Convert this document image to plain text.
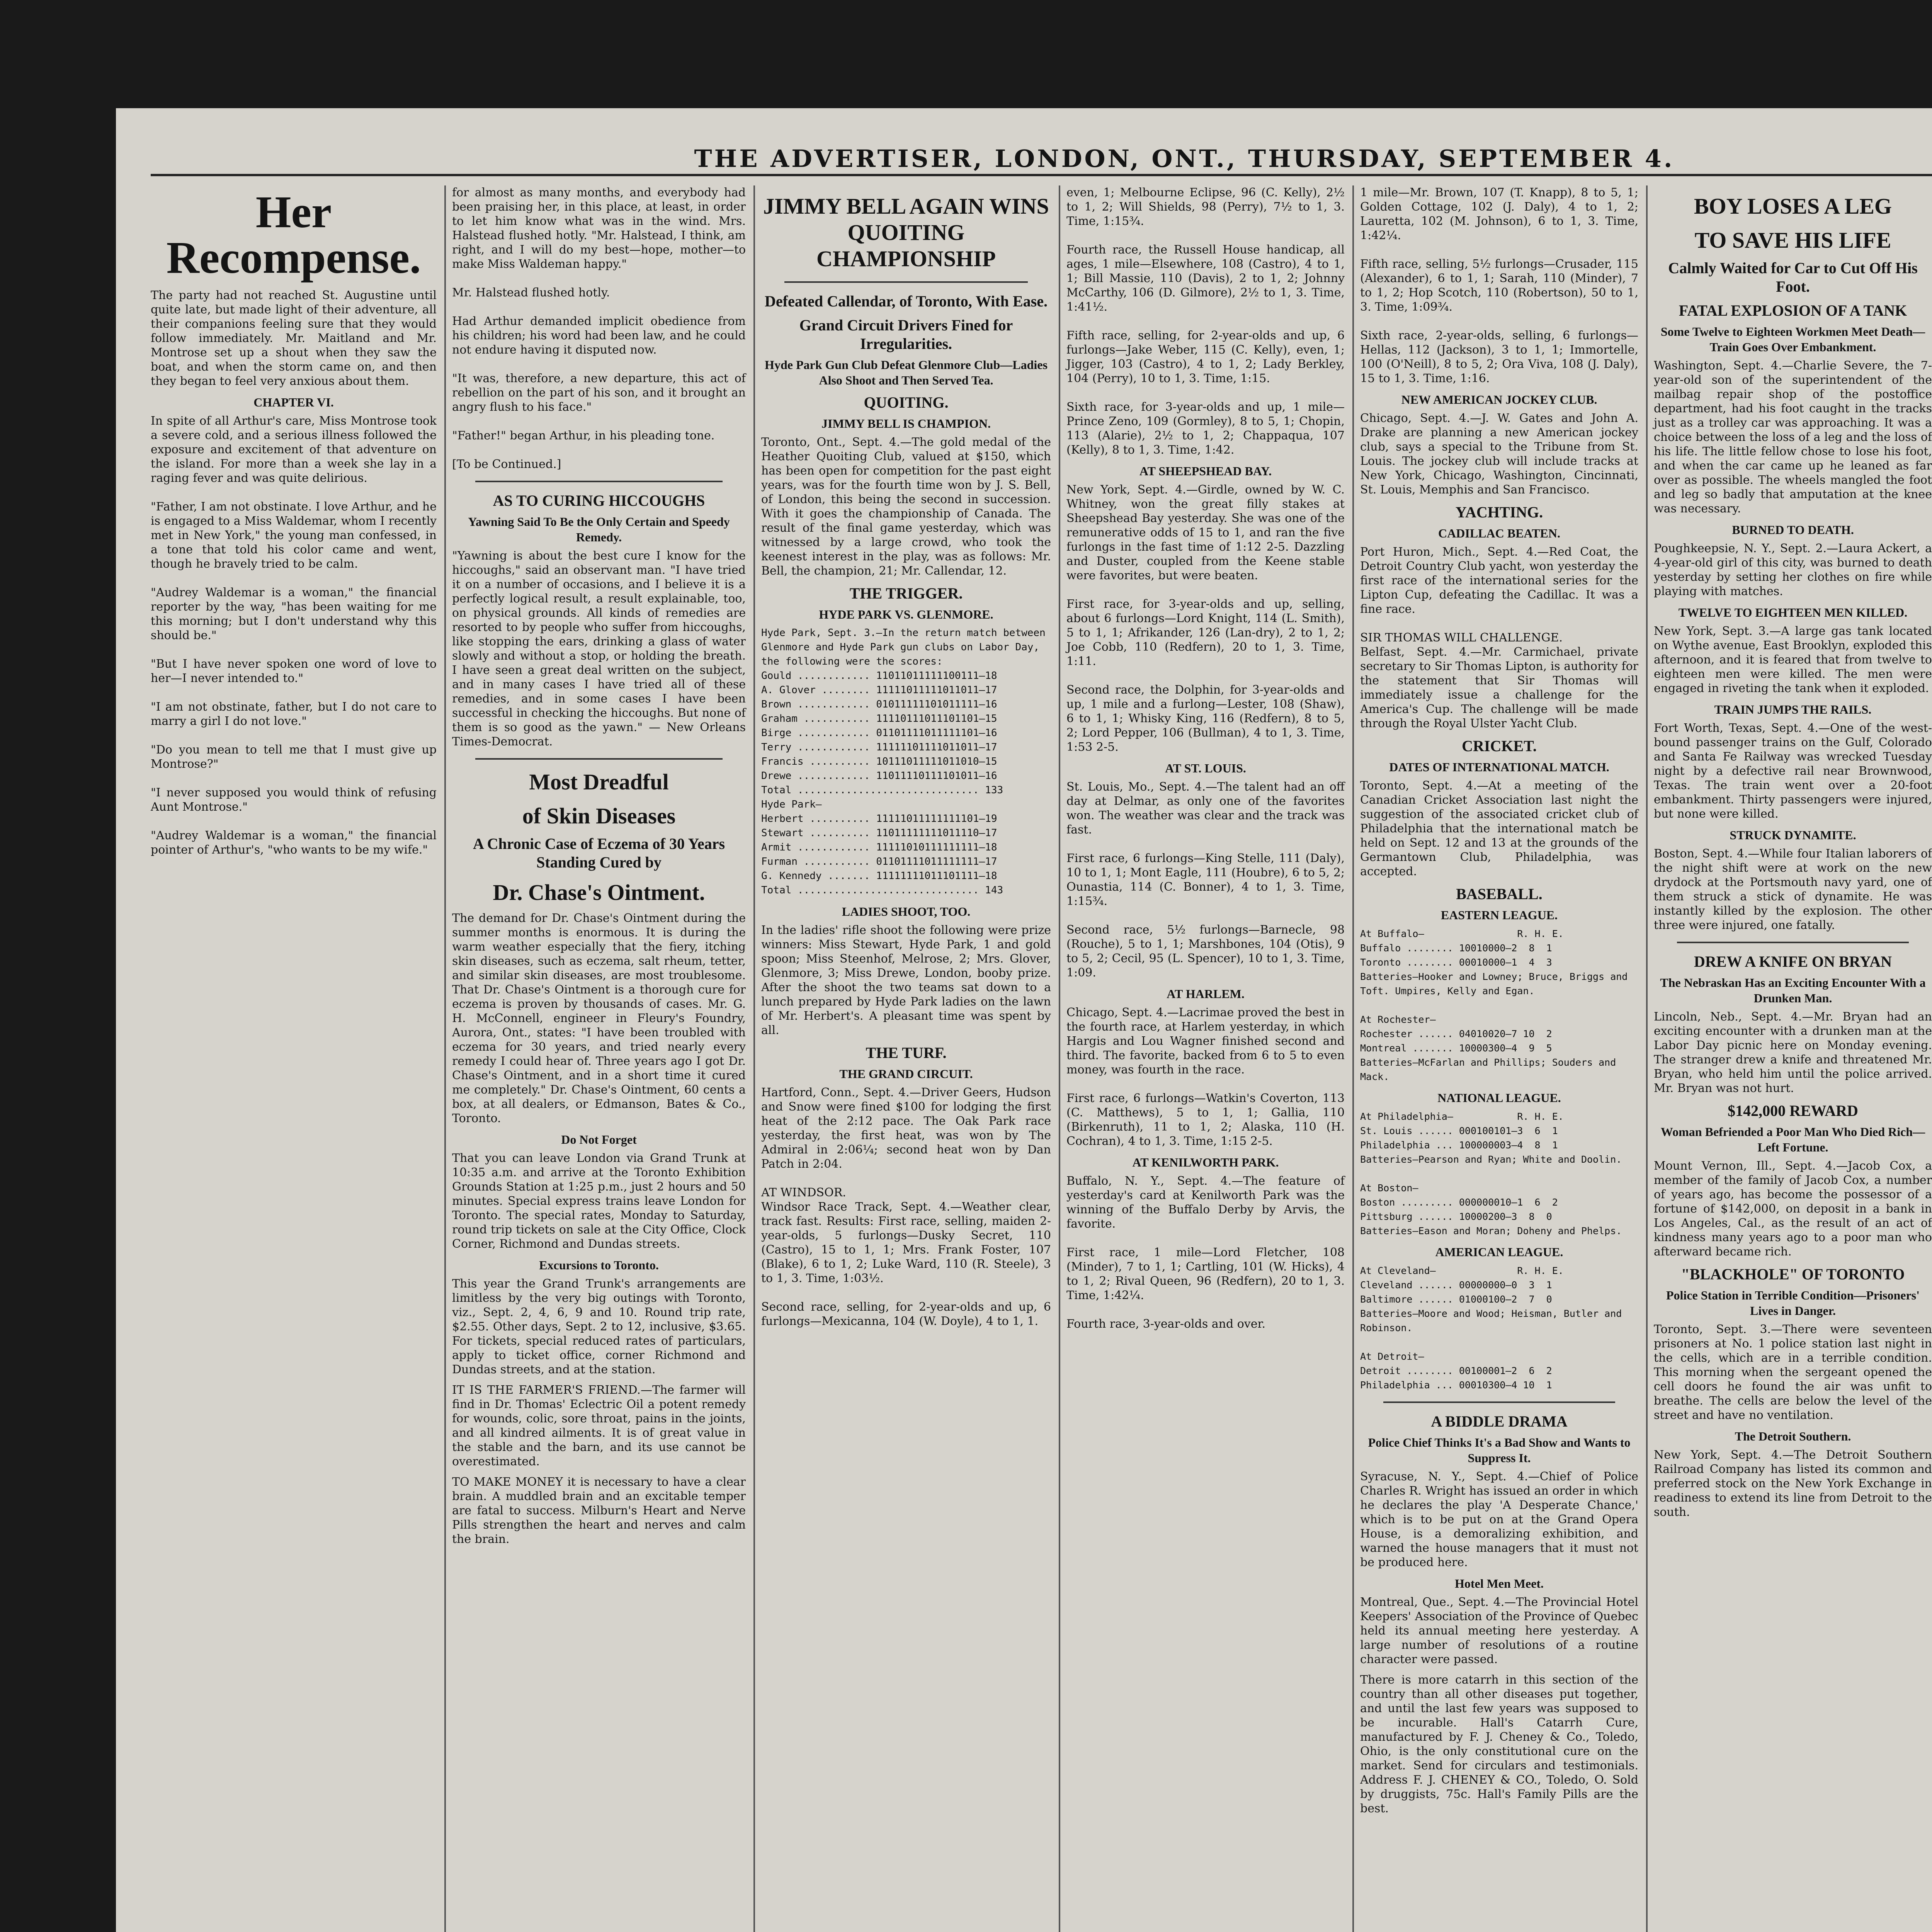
THE ADVERTISER, LONDON, ONT., THURSDAY, SEPTEMBER 4.
Her Recompense.

The party had not reached St. Augustine until quite late, but made light of their adventure, all their companions feeling sure that they would follow immediately. Mr. Maitland and Mr. Montrose set up a shout when they saw the boat, and when the storm came on, and then they began to feel very anxious about them.

CHAPTER VI.

In spite of all Arthur's care, Miss Montrose took a severe cold, and a serious illness followed the exposure and excitement of that adventure on the island. For more than a week she lay in a raging fever and was quite delirious.

"Father, I am not obstinate. I love Arthur, and he is engaged to a Miss Waldemar, whom I recently met in New York," the young man confessed, in a tone that told his color came and went, though he bravely tried to be calm.

"Audrey Waldemar is a woman," the financial reporter by the way, "has been waiting for me this morning; but I don't understand why this should be."

"But I have never spoken one word of love to her—I never intended to."

"I am not obstinate, father, but I do not care to marry a girl I do not love."

"Do you mean to tell me that I must give up Montrose?"

"I never supposed you would think of refusing Aunt Montrose."

"Audrey Waldemar is a woman," the financial pointer of Arthur's, "who wants to be my wife."

for almost as many months, and everybody had been praising her, in this place, at least, in order to let him know what was in the wind. Mrs. Halstead flushed hotly. "Mr. Halstead, I think, am right, and I will do my best—hope, mother—to make Miss Waldeman happy."

Mr. Halstead flushed hotly.

Had Arthur demanded implicit obedience from his children; his word had been law, and he could not endure having it disputed now.

"It was, therefore, a new departure, this act of rebellion on the part of his son, and it brought an angry flush to his face."

"Father!" began Arthur, in his pleading tone.

[To be Continued.]

AS TO CURING HICCOUGHS
Yawning Said To Be the Only Certain and Speedy Remedy.

"Yawning is about the best cure I know for the hiccoughs," said an observant man. "I have tried it on a number of occasions, and I believe it is a perfectly logical result, a result explainable, too, on physical grounds. All kinds of remedies are resorted to by people who suffer from hiccoughs, like stopping the ears, drinking a glass of water slowly and without a stop, or holding the breath. I have seen a great deal written on the subject, and in many cases I have tried all of these remedies, and in some cases I have been successful in checking the hiccoughs. But none of them is so good as the yawn." — New Orleans Times-Democrat.

Most Dreadful
of Skin Diseases
A Chronic Case of Eczema of 30 Years Standing Cured by
Dr. Chase's Ointment.

The demand for Dr. Chase's Ointment during the summer months is enormous. It is during the warm weather especially that the fiery, itching skin diseases, such as eczema, salt rheum, tetter, and similar skin diseases, are most troublesome. That Dr. Chase's Ointment is a thorough cure for eczema is proven by thousands of cases. Mr. G. H. McConnell, engineer in Fleury's Foundry, Aurora, Ont., states: "I have been troubled with eczema for 30 years, and tried nearly every remedy I could hear of. Three years ago I got Dr. Chase's Ointment, and in a short time it cured me completely." Dr. Chase's Ointment, 60 cents a box, at all dealers, or Edmanson, Bates & Co., Toronto.

Do Not Forget

That you can leave London via Grand Trunk at 10:35 a.m. and arrive at the Toronto Exhibition Grounds Station at 1:25 p.m., just 2 hours and 50 minutes. Special express trains leave London for Toronto. The special rates, Monday to Saturday, round trip tickets on sale at the City Office, Clock Corner, Richmond and Dundas streets.

Excursions to Toronto.

This year the Grand Trunk's arrangements are limitless by the very big outings with Toronto, viz., Sept. 2, 4, 6, 9 and 10. Round trip rate, $2.55. Other days, Sept. 2 to 12, inclusive, $3.65. For tickets, special reduced rates of particulars, apply to ticket office, corner Richmond and Dundas streets, and at the station.

IT IS THE FARMER'S FRIEND.—The farmer will find in Dr. Thomas' Eclectric Oil a potent remedy for wounds, colic, sore throat, pains in the joints, and all kindred ailments. It is of great value in the stable and the barn, and its use cannot be overestimated.

TO MAKE MONEY it is necessary to have a clear brain. A muddled brain and an excitable temper are fatal to success. Milburn's Heart and Nerve Pills strengthen the heart and nerves and calm the brain.

JIMMY BELL AGAIN WINS QUOITING CHAMPIONSHIP
Defeated Callendar, of Toronto, With Ease.
Grand Circuit Drivers Fined for Irregularities.
Hyde Park Gun Club Defeat Glenmore Club—Ladies Also Shoot and Then Served Tea.
QUOITING.
JIMMY BELL IS CHAMPION.

Toronto, Ont., Sept. 4.—The gold medal of the Heather Quoiting Club, valued at $150, which has been open for competition for the past eight years, was for the fourth time won by J. S. Bell, of London, this being the second in succession. With it goes the championship of Canada. The result of the final game yesterday, which was witnessed by a large crowd, who took the keenest interest in the play, was as follows: Mr. Bell, the champion, 21; Mr. Callendar, 12.

THE TRIGGER.
HYDE PARK VS. GLENMORE.

Hyde Park, Sept. 3.—In the return match between Glenmore and Hyde Park gun clubs on Labor Day, the following were the scores:
Gould ............ 11011011111100111—18
A. Glover ........ 11111011111011011—17
Brown ............ 01011111101011111—16
Graham ........... 11110111011101101—15
Birge ............ 01101111011111101—16
Terry ............ 11111101111011011—17
Francis .......... 10111011111011010—15
Drewe ............ 11011110111101011—16
Total .............................. 133
Hyde Park—
Herbert .......... 11111011111111101—19
Stewart .......... 11011111111011110—17
Armit ............ 11111010111111111—18
Furman ........... 01101111011111111—17
G. Kennedy ....... 11111111011101111—18
Total .............................. 143

LADIES SHOOT, TOO.

In the ladies' rifle shoot the following were prize winners: Miss Stewart, Hyde Park, 1 and gold spoon; Miss Steenhof, Melrose, 2; Mrs. Glover, Glenmore, 3; Miss Drewe, London, booby prize. After the shoot the two teams sat down to a lunch prepared by Hyde Park ladies on the lawn of Mr. Herbert's. A pleasant time was spent by all.

THE TURF.
THE GRAND CIRCUIT.

Hartford, Conn., Sept. 4.—Driver Geers, Hudson and Snow were fined $100 for lodging the first heat of the 2:12 pace. The Oak Park race yesterday, the first heat, was won by The Admiral in 2:06¼; second heat won by Dan Patch in 2:04.

AT WINDSOR.
Windsor Race Track, Sept. 4.—Weather clear, track fast. Results: First race, selling, maiden 2-year-olds, 5 furlongs—Dusky Secret, 110 (Castro), 15 to 1, 1; Mrs. Frank Foster, 107 (Blake), 6 to 1, 2; Luke Ward, 110 (R. Steele), 3 to 1, 3. Time, 1:03½.

Second race, selling, for 2-year-olds and up, 6 furlongs—Mexicanna, 104 (W. Doyle), 4 to 1, 1.

even, 1; Melbourne Eclipse, 96 (C. Kelly), 2½ to 1, 2; Will Shields, 98 (Perry), 7½ to 1, 3. Time, 1:15¾.

Fourth race, the Russell House handicap, all ages, 1 mile—Elsewhere, 108 (Castro), 4 to 1, 1; Bill Massie, 110 (Davis), 2 to 1, 2; Johnny McCarthy, 106 (D. Gilmore), 2½ to 1, 3. Time, 1:41½.

Fifth race, selling, for 2-year-olds and up, 6 furlongs—Jake Weber, 115 (C. Kelly), even, 1; Jigger, 103 (Castro), 4 to 1, 2; Lady Berkley, 104 (Perry), 10 to 1, 3. Time, 1:15.

Sixth race, for 3-year-olds and up, 1 mile—Prince Zeno, 109 (Gormley), 8 to 5, 1; Chopin, 113 (Alarie), 2½ to 1, 2; Chappaqua, 107 (Kelly), 8 to 1, 3. Time, 1:42.

AT SHEEPSHEAD BAY.

New York, Sept. 4.—Girdle, owned by W. C. Whitney, won the great filly stakes at Sheepshead Bay yesterday. She was one of the remunerative odds of 15 to 1, and ran the five furlongs in the fast time of 1:12 2-5. Dazzling and Duster, coupled from the Keene stable were favorites, but were beaten.

First race, for 3-year-olds and up, selling, about 6 furlongs—Lord Knight, 114 (L. Smith), 5 to 1, 1; Afrikander, 126 (Lan-dry), 2 to 1, 2; Joe Cobb, 110 (Redfern), 20 to 1, 3. Time, 1:11.

Second race, the Dolphin, for 3-year-olds and up, 1 mile and a furlong—Lester, 108 (Shaw), 6 to 1, 1; Whisky King, 116 (Redfern), 8 to 5, 2; Lord Pepper, 106 (Bullman), 4 to 1, 3. Time, 1:53 2-5.

AT ST. LOUIS.

St. Louis, Mo., Sept. 4.—The talent had an off day at Delmar, as only one of the favorites won. The weather was clear and the track was fast.

First race, 6 furlongs—King Stelle, 111 (Daly), 10 to 1, 1; Mont Eagle, 111 (Houbre), 6 to 5, 2; Ounastia, 114 (C. Bonner), 4 to 1, 3. Time, 1:15¾.

Second race, 5½ furlongs—Barnecle, 98 (Rouche), 5 to 1, 1; Marshbones, 104 (Otis), 9 to 5, 2; Cecil, 95 (L. Spencer), 10 to 1, 3. Time, 1:09.

AT HARLEM.

Chicago, Sept. 4.—Lacrimae proved the best in the fourth race, at Harlem yesterday, in which Hargis and Lou Wagner finished second and third. The favorite, backed from 6 to 5 to even money, was fourth in the race.

First race, 6 furlongs—Watkin's Coverton, 113 (C. Matthews), 5 to 1, 1; Gallia, 110 (Birkenruth), 11 to 1, 2; Alaska, 110 (H. Cochran), 4 to 1, 3. Time, 1:15 2-5.

AT KENILWORTH PARK.

Buffalo, N. Y., Sept. 4.—The feature of yesterday's card at Kenilworth Park was the winning of the Buffalo Derby by Arvis, the favorite.

First race, 1 mile—Lord Fletcher, 108 (Minder), 7 to 1, 1; Cartling, 101 (W. Hicks), 4 to 1, 2; Rival Queen, 96 (Redfern), 20 to 1, 3. Time, 1:42¼.

Fourth race, 3-year-olds and over.

1 mile—Mr. Brown, 107 (T. Knapp), 8 to 5, 1; Golden Cottage, 102 (J. Daly), 4 to 1, 2; Lauretta, 102 (M. Johnson), 6 to 1, 3. Time, 1:42¼.

Fifth race, selling, 5½ furlongs—Crusader, 115 (Alexander), 6 to 1, 1; Sarah, 110 (Minder), 7 to 1, 2; Hop Scotch, 110 (Robertson), 50 to 1, 3. Time, 1:09¾.

Sixth race, 2-year-olds, selling, 6 furlongs—Hellas, 112 (Jackson), 3 to 1, 1; Immortelle, 100 (O'Neill), 8 to 5, 2; Ora Viva, 108 (J. Daly), 15 to 1, 3. Time, 1:16.

NEW AMERICAN JOCKEY CLUB.

Chicago, Sept. 4.—J. W. Gates and John A. Drake are planning a new American jockey club, says a special to the Tribune from St. Louis. The jockey club will include tracks at New York, Chicago, Washington, Cincinnati, St. Louis, Memphis and San Francisco.

YACHTING.
CADILLAC BEATEN.

Port Huron, Mich., Sept. 4.—Red Coat, the Detroit Country Club yacht, won yesterday the first race of the international series for the Lipton Cup, defeating the Cadillac. It was a fine race.

SIR THOMAS WILL CHALLENGE.
Belfast, Sept. 4.—Mr. Carmichael, private secretary to Sir Thomas Lipton, is authority for the statement that Sir Thomas will immediately issue a challenge for the America's Cup. The challenge will be made through the Royal Ulster Yacht Club.

CRICKET.
DATES OF INTERNATIONAL MATCH.

Toronto, Sept. 4.—At a meeting of the Canadian Cricket Association last night the suggestion of the associated cricket club of Philadelphia that the international match be held on Sept. 12 and 13 at the grounds of the Germantown Club, Philadelphia, was accepted.

BASEBALL.
EASTERN LEAGUE.

At Buffalo—                R. H. E.
Buffalo ........ 10010000—2  8  1
Toronto ........ 00010000—1  4  3
Batteries—Hooker and Lowney; Bruce, Briggs and Toft. Umpires, Kelly and Egan.

At Rochester—
Rochester ...... 04010020—7 10  2
Montreal ....... 10000300—4  9  5
Batteries—McFarlan and Phillips; Souders and Mack.

NATIONAL LEAGUE.

At Philadelphia—           R. H. E.
St. Louis ...... 000100101—3  6  1
Philadelphia ... 100000003—4  8  1
Batteries—Pearson and Ryan; White and Doolin.

At Boston—
Boston ......... 000000010—1  6  2
Pittsburg ...... 10000200—3  8  0
Batteries—Eason and Moran; Doheny and Phelps.

AMERICAN LEAGUE.

At Cleveland—              R. H. E.
Cleveland ...... 00000000—0  3  1
Baltimore ...... 01000100—2  7  0
Batteries—Moore and Wood; Heisman, Butler and Robinson.

At Detroit—
Detroit ........ 00100001—2  6  2
Philadelphia ... 00010300—4 10  1

A BIDDLE DRAMA
Police Chief Thinks It's a Bad Show and Wants to Suppress It.

Syracuse, N. Y., Sept. 4.—Chief of Police Charles R. Wright has issued an order in which he declares the play 'A Desperate Chance,' which is to be put on at the Grand Opera House, is a demoralizing exhibition, and warned the house managers that it must not be produced here.

Hotel Men Meet.

Montreal, Que., Sept. 4.—The Provincial Hotel Keepers' Association of the Province of Quebec held its annual meeting here yesterday. A large number of resolutions of a routine character were passed.

There is more catarrh in this section of the country than all other diseases put together, and until the last few years was supposed to be incurable. Hall's Catarrh Cure, manufactured by F. J. Cheney & Co., Toledo, Ohio, is the only constitutional cure on the market. Send for circulars and testimonials. Address F. J. CHENEY & CO., Toledo, O. Sold by druggists, 75c. Hall's Family Pills are the best.

BOY LOSES A LEG
TO SAVE HIS LIFE
Calmly Waited for Car to Cut Off His Foot.
FATAL EXPLOSION OF A TANK
Some Twelve to Eighteen Workmen Meet Death—Train Goes Over Embankment.

Washington, Sept. 4.—Charlie Severe, the 7-year-old son of the superintendent of the mailbag repair shop of the postoffice department, had his foot caught in the tracks just as a trolley car was approaching. It was a choice between the loss of a leg and the loss of his life. The little fellow chose to lose his foot, and when the car came up he leaned as far over as possible. The wheels mangled the foot and leg so badly that amputation at the knee was necessary.

BURNED TO DEATH.

Poughkeepsie, N. Y., Sept. 2.—Laura Ackert, a 4-year-old girl of this city, was burned to death yesterday by setting her clothes on fire while playing with matches.

TWELVE TO EIGHTEEN MEN KILLED.

New York, Sept. 3.—A large gas tank located on Wythe avenue, East Brooklyn, exploded this afternoon, and it is feared that from twelve to eighteen men were killed. The men were engaged in riveting the tank when it exploded.

TRAIN JUMPS THE RAILS.

Fort Worth, Texas, Sept. 4.—One of the west-bound passenger trains on the Gulf, Colorado and Santa Fe Railway was wrecked Tuesday night by a defective rail near Brownwood, Texas. The train went over a 20-foot embankment. Thirty passengers were injured, but none were killed.

STRUCK DYNAMITE.

Boston, Sept. 4.—While four Italian laborers of the night shift were at work on the new drydock at the Portsmouth navy yard, one of them struck a stick of dynamite. He was instantly killed by the explosion. The other three were injured, one fatally.

DREW A KNIFE ON BRYAN
The Nebraskan Has an Exciting Encounter With a Drunken Man.

Lincoln, Neb., Sept. 4.—Mr. Bryan had an exciting encounter with a drunken man at the Labor Day picnic here on Monday evening. The stranger drew a knife and threatened Mr. Bryan, who held him until the police arrived. Mr. Bryan was not hurt.

$142,000 REWARD
Woman Befriended a Poor Man Who Died Rich—Left Fortune.

Mount Vernon, Ill., Sept. 4.—Jacob Cox, a member of the family of Jacob Cox, a number of years ago, has become the possessor of a fortune of $142,000, on deposit in a bank in Los Angeles, Cal., as the result of an act of kindness many years ago to a poor man who afterward became rich.

"BLACKHOLE" OF TORONTO
Police Station in Terrible Condition—Prisoners' Lives in Danger.

Toronto, Sept. 3.—There were seventeen prisoners at No. 1 police station last night in the cells, which are in a terrible condition. This morning when the sergeant opened the cell doors he found the air was unfit to breathe. The cells are below the level of the street and have no ventilation.

The Detroit Southern.

New York, Sept. 4.—The Detroit Southern Railroad Company has listed its common and preferred stock on the New York Exchange in readiness to extend its line from Detroit to the south.
